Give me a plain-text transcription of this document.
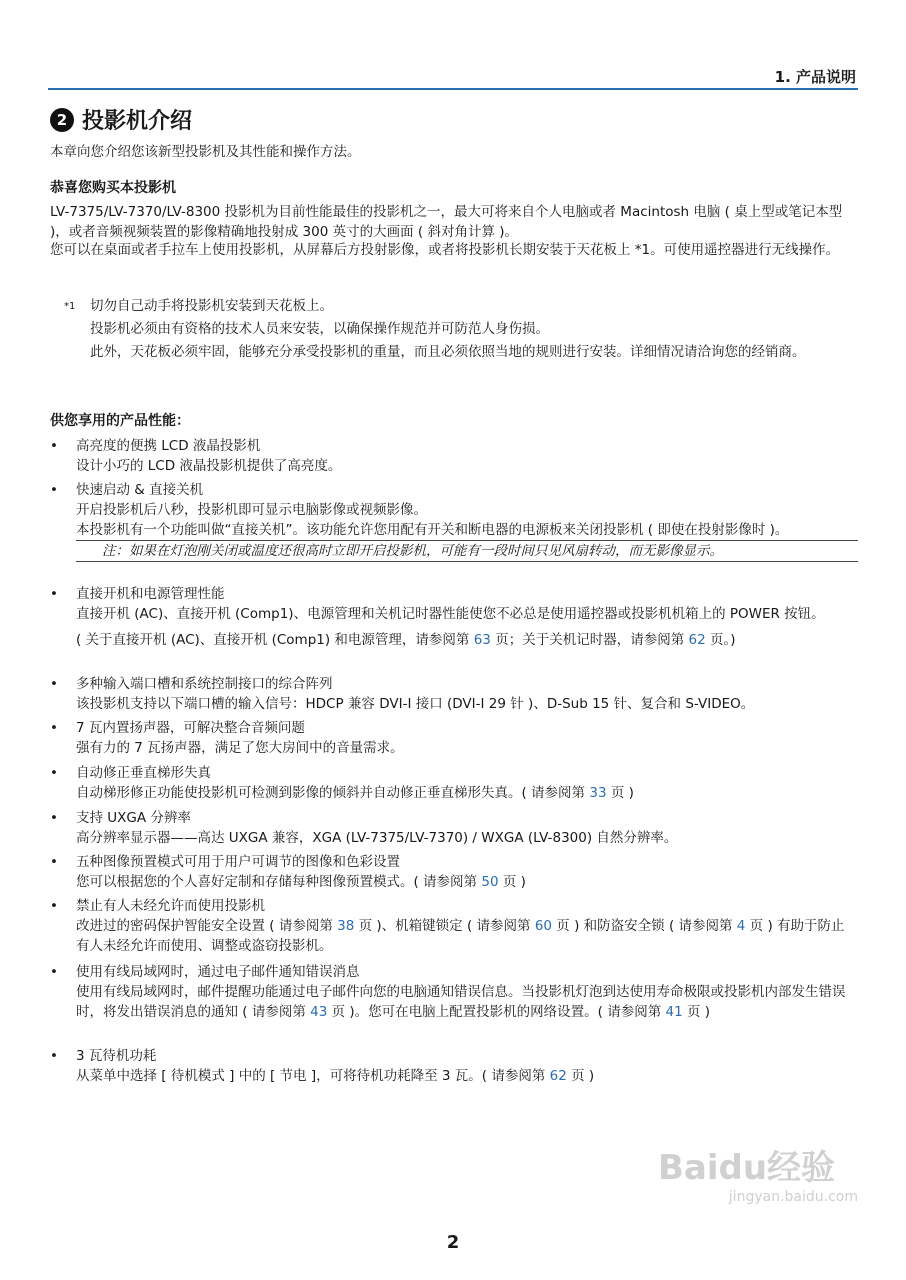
1. 产品说明
2 投影机介绍
本章向您介绍您该新型投影机及其性能和操作方法。
恭喜您购买本投影机
LV-7375/LV-7370/LV-8300 投影机为目前性能最佳的投影机之一，最大可将来自个人电脑或者 Macintosh 电脑 ( 桌上型或笔记本型 )，或者音频视频装置的影像精确地投射成 300 英寸的大画面 ( 斜对角计算 )。
您可以在桌面或者手拉车上使用投影机，从屏幕后方投射影像，或者将投影机长期安装于天花板上 *1。可使用遥控器进行无线操作。
*1 切勿自己动手将投影机安装到天花板上。

投影机必须由有资格的技术人员来安装，以确保操作规范并可防范人身伤损。

此外，天花板必须牢固，能够充分承受投影机的重量，而且必须依照当地的规则进行安装。详细情况请洽询您的经销商。

供您享用的产品性能：
• 高亮度的便携 LCD 液晶投影机

设计小巧的 LCD 液晶投影机提供了高亮度。

• 快速启动 & 直接关机

开启投影机后八秒，投影机即可显示电脑影像或视频影像。

本投影机有一个功能叫做“直接关机”。该功能允许您用配有开关和断电器的电源板来关闭投影机 ( 即使在投射影像时 )。

注：如果在灯泡刚关闭或温度还很高时立即开启投影机，可能有一段时间只见风扇转动，而无影像显示。

• 直接开机和电源管理性能

直接开机 (AC)、直接开机 (Comp1)、电源管理和关机记时器性能使您不必总是使用遥控器或投影机机箱上的 POWER 按钮。

( 关于直接开机 (AC)、直接开机 (Comp1) 和电源管理，请参阅第 63 页；关于关机记时器，请参阅第 62 页。)

• 多种输入端口槽和系统控制接口的综合阵列

该投影机支持以下端口槽的输入信号：HDCP 兼容 DVI-I 接口 (DVI-I 29 针 )、D-Sub 15 针、复合和 S-VIDEO。

• 7 瓦内置扬声器，可解决整合音频问题

强有力的 7 瓦扬声器，满足了您大房间中的音量需求。

• 自动修正垂直梯形失真

自动梯形修正功能使投影机可检测到影像的倾斜并自动修正垂直梯形失真。( 请参阅第 33 页 )

• 支持 UXGA 分辨率

高分辨率显示器——高达 UXGA 兼容，XGA (LV-7375/LV-7370) / WXGA (LV-8300) 自然分辨率。

• 五种图像预置模式可用于用户可调节的图像和色彩设置

您可以根据您的个人喜好定制和存储每种图像预置模式。( 请参阅第 50 页 )

• 禁止有人未经允许而使用投影机

改进过的密码保护智能安全设置 ( 请参阅第 38 页 )、机箱键锁定 ( 请参阅第 60 页 ) 和防盗安全锁 ( 请参阅第 4 页 ) 有助于防止有人未经允许而使用、调整或盗窃投影机。

• 使用有线局域网时，通过电子邮件通知错误消息

使用有线局域网时，邮件提醒功能通过电子邮件向您的电脑通知错误信息。当投影机灯泡到达使用寿命极限或投影机内部发生错误时，将发出错误消息的通知 ( 请参阅第 43 页 )。您可在电脑上配置投影机的网络设置。( 请参阅第 41 页 )

• 3 瓦待机功耗

从菜单中选择 [ 待机模式 ] 中的 [ 节电 ]，可将待机功耗降至 3 瓦。( 请参阅第 62 页 )

Baidu经验
jingyan.baidu.com
2
